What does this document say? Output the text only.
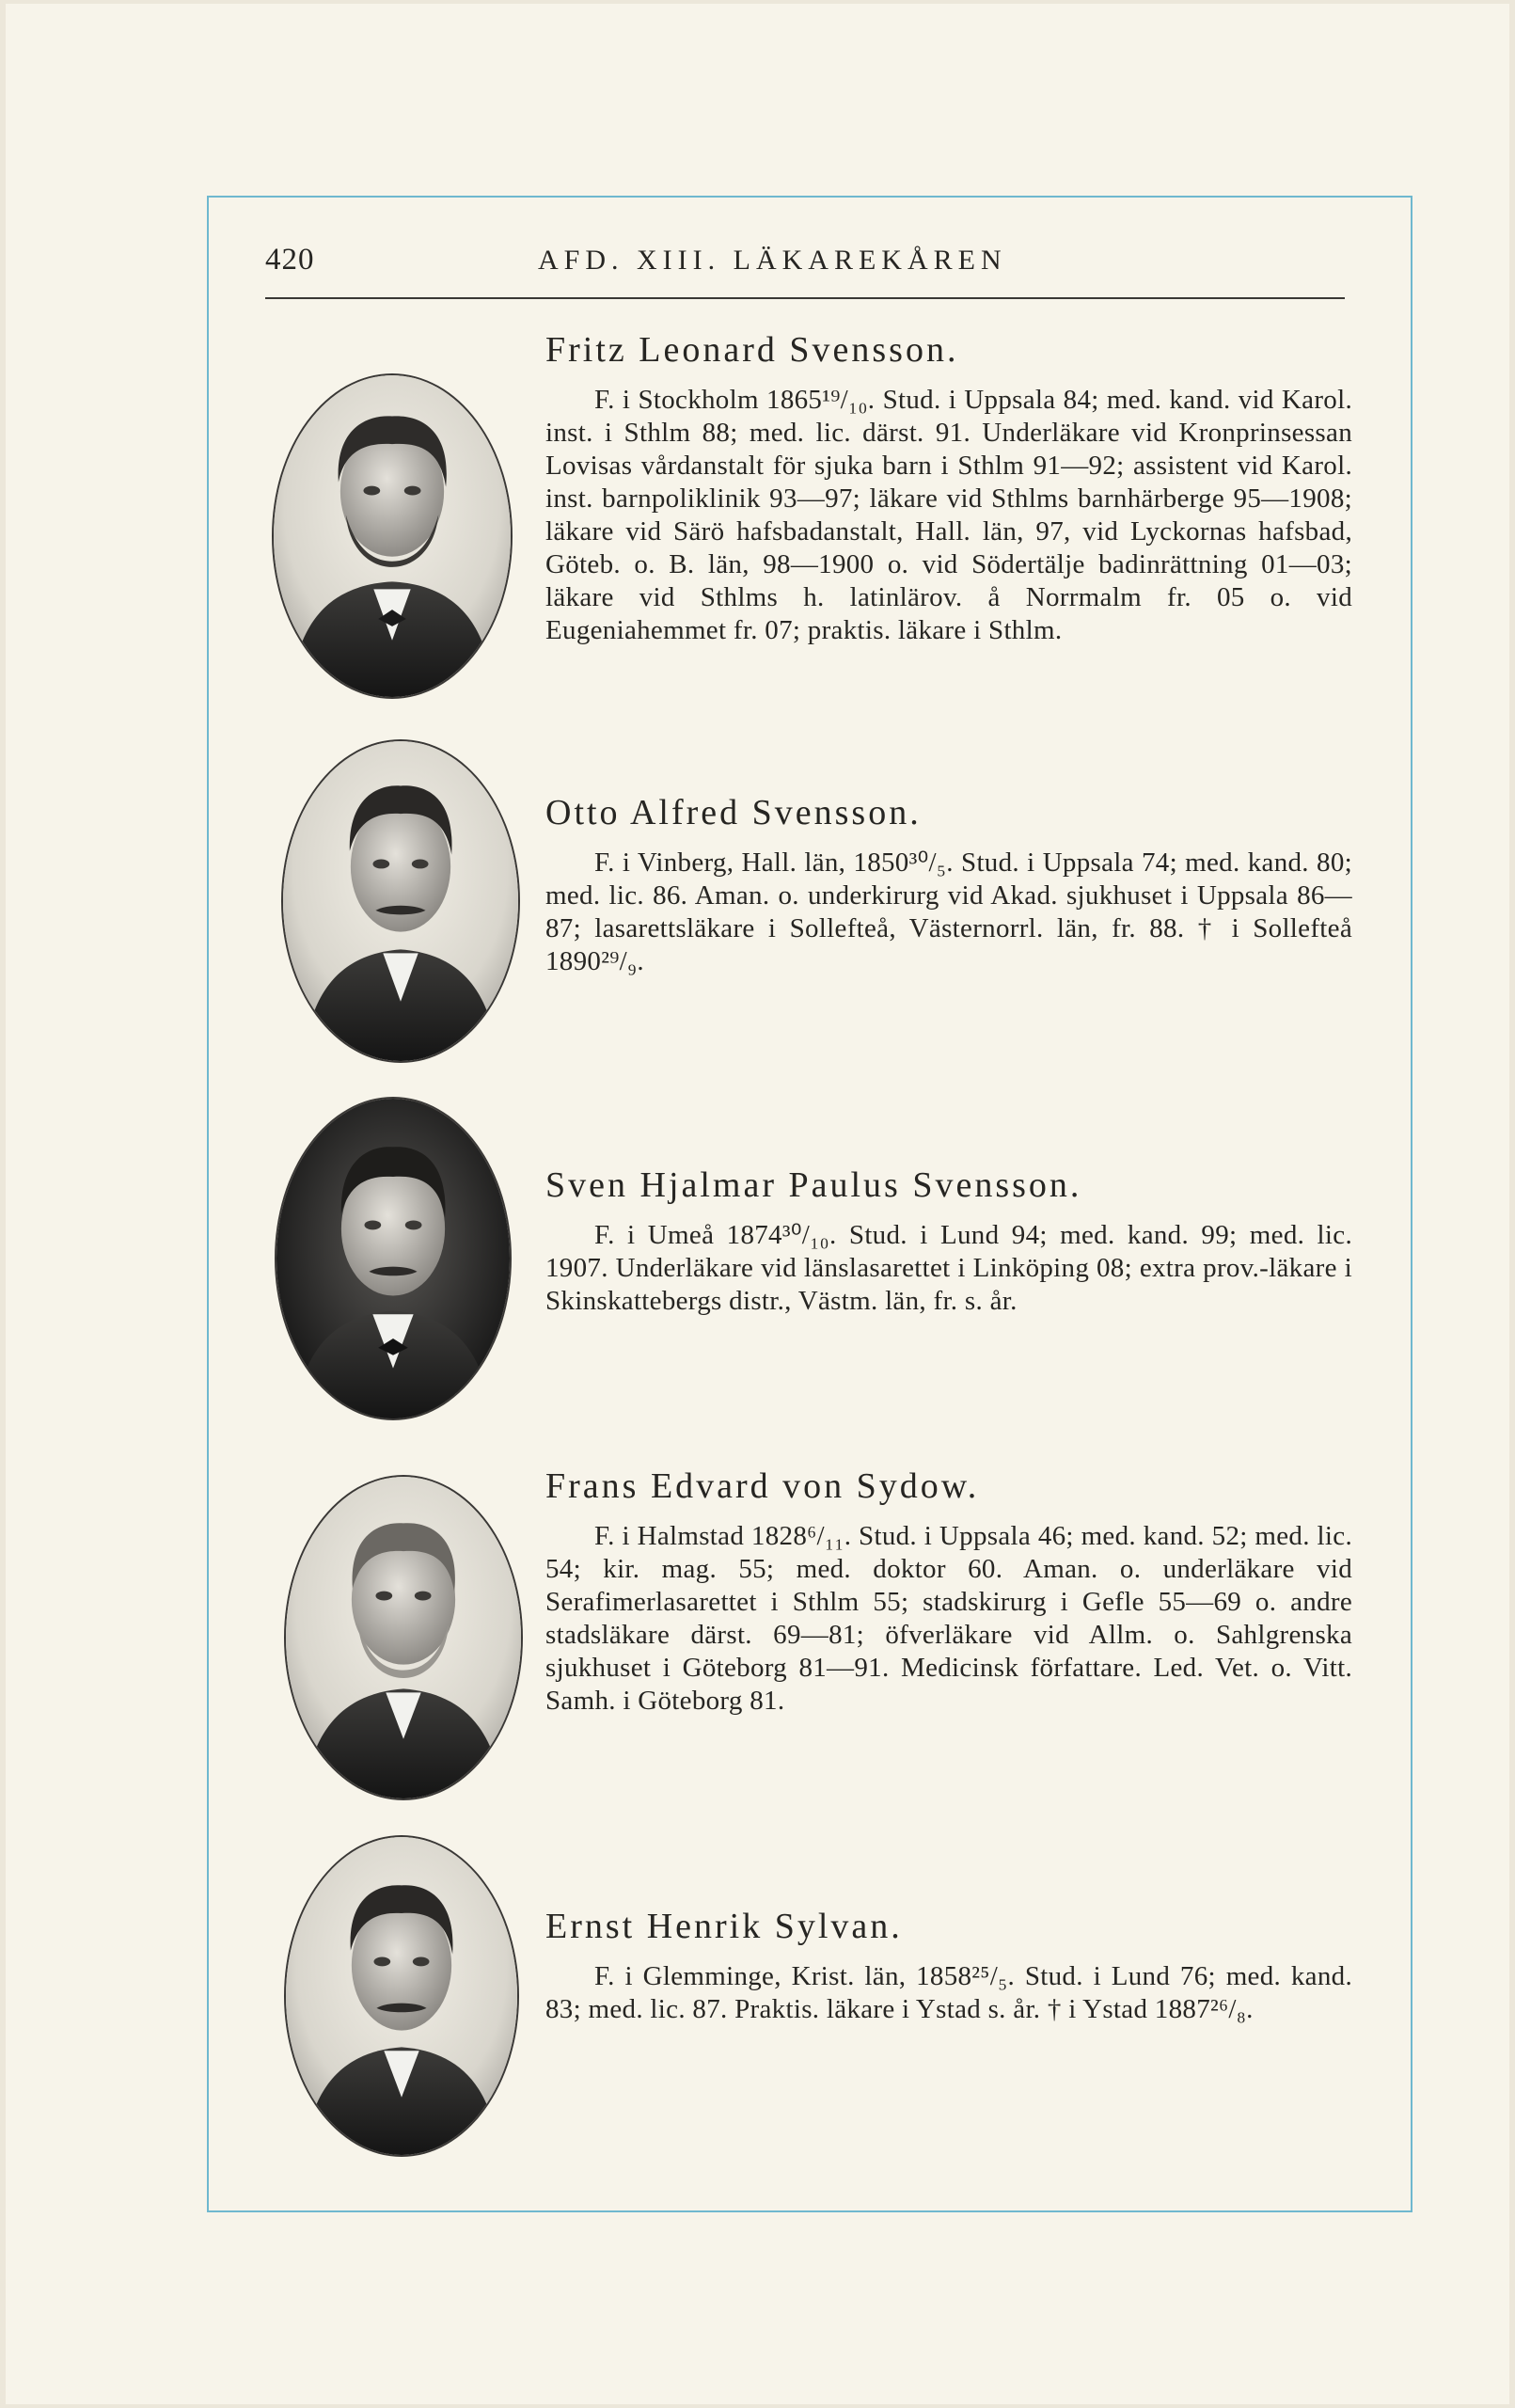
420	AFD. XIII. LÄKAREKÅREN
Fritz Leonard Svensson.

F. i Stockholm 1865¹⁹/₁₀. Stud. i Uppsala 84; med. kand. vid Karol. inst. i Sthlm 88; med. lic. därst. 91. Underläkare vid Kronprinsessan Lovisas vårdanstalt för sjuka barn i Sthlm 91—92; assistent vid Karol. inst. barnpoliklinik 93—97; läkare vid Sthlms barnhärberge 95—1908; läkare vid Särö hafsbadanstalt, Hall. län, 97, vid Lyckornas hafsbad, Göteb. o. B. län, 98—1900 o. vid Södertälje badinrättning 01—03; läkare vid Sthlms h. latinlärov. å Norrmalm fr. 05 o. vid Eugeniahemmet fr. 07; praktis. läkare i Sthlm.

Otto Alfred Svensson.

F. i Vinberg, Hall. län, 1850³⁰/₅. Stud. i Uppsala 74; med. kand. 80; med. lic. 86. Aman. o. underkirurg vid Akad. sjukhuset i Uppsala 86—87; lasarettsläkare i Sollefteå, Västernorrl. län, fr. 88. † i Sollefteå 1890²⁹/₉.

Sven Hjalmar Paulus Svensson.

F. i Umeå 1874³⁰/₁₀. Stud. i Lund 94; med. kand. 99; med. lic. 1907. Underläkare vid länslasarettet i Linköping 08; extra prov.-läkare i Skinskattebergs distr., Västm. län, fr. s. år.

Frans Edvard von Sydow.

F. i Halmstad 1828⁶/₁₁. Stud. i Uppsala 46; med. kand. 52; med. lic. 54; kir. mag. 55; med. doktor 60. Aman. o. underläkare vid Serafimerlasarettet i Sthlm 55; stadskirurg i Gefle 55—69 o. andre stadsläkare därst. 69—81; öfverläkare vid Allm. o. Sahlgrenska sjukhuset i Göteborg 81—91. Medicinsk författare. Led. Vet. o. Vitt. Samh. i Göteborg 81.

Ernst Henrik Sylvan.

F. i Glemminge, Krist. län, 1858²⁵/₅. Stud. i Lund 76; med. kand. 83; med. lic. 87. Praktis. läkare i Ystad s. år. † i Ystad 1887²⁶/₈.
